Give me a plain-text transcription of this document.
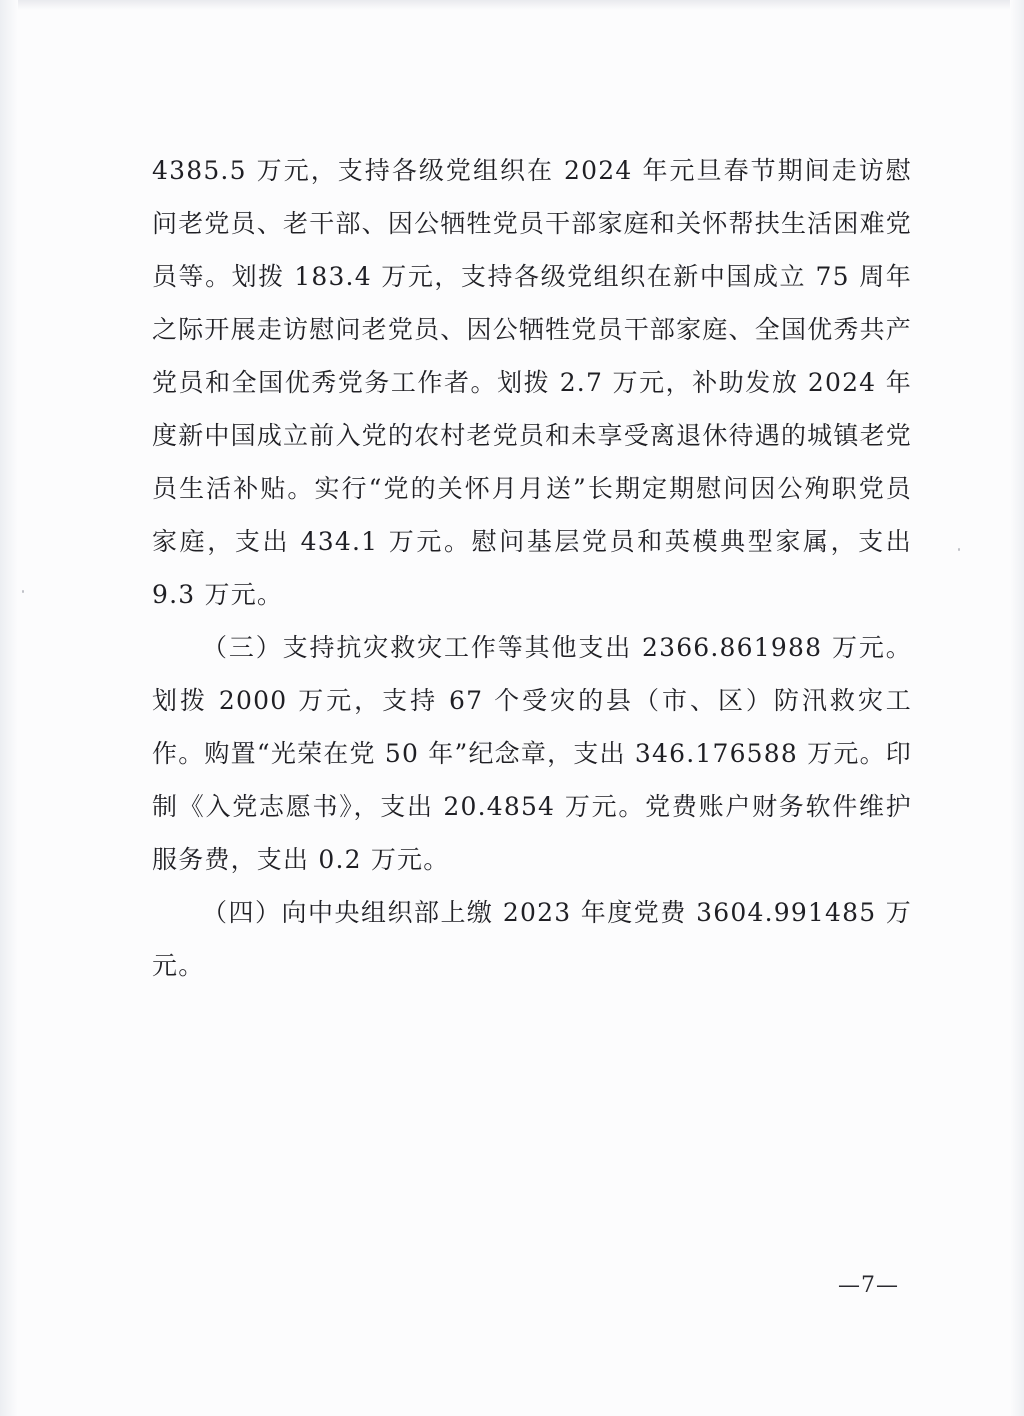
4385.5 万元，支持各级党组织在 2024 年元旦春节期间走访慰问老党员、老干部、因公牺牲党员干部家庭和关怀帮扶生活困难党员等。划拨 183.4 万元，支持各级党组织在新中国成立 75 周年之际开展走访慰问老党员、因公牺牲党员干部家庭、全国优秀共产党员和全国优秀党务工作者。划拨 2.7 万元，补助发放 2024 年度新中国成立前入党的农村老党员和未享受离退休待遇的城镇老党员生活补贴。实行“党的关怀月月送”长期定期慰问因公殉职党员家庭，支出 434.1 万元。慰问基层党员和英模典型家属，支出 9.3 万元。

（三）支持抗灾救灾工作等其他支出 2366.861988 万元。划拨 2000 万元，支持 67 个受灾的县（市、区）防汛救灾工作。购置“光荣在党 50 年”纪念章，支出 346.176588 万元。印制《入党志愿书》，支出 20.4854 万元。党费账户财务软件维护服务费，支出 0.2 万元。

（四）向中央组织部上缴 2023 年度党费 3604.991485 万元。

—7—
